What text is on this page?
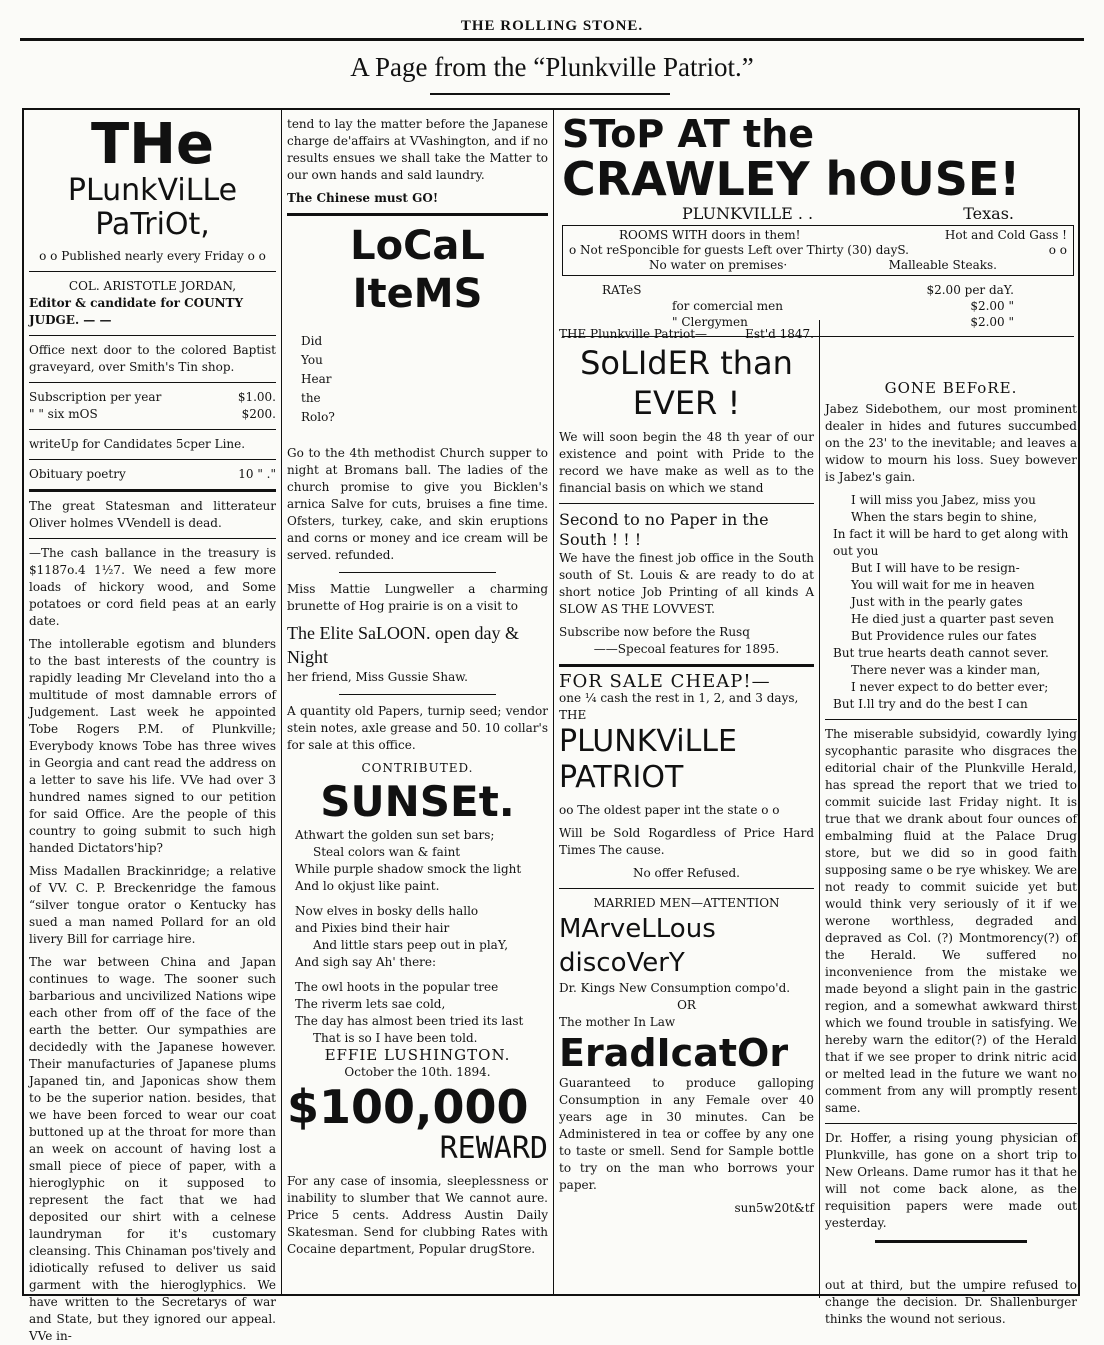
THE ROLLING STONE.
A Page from the “Plunkville Patriot.”
THe
PLunkViLLe PaTriOt,
o o Published nearly every Friday o o
COL. ARISTOTLE JORDAN,
Editor & candidate for COUNTY JUDGE. — —

Office next door to the colored Baptist graveyard, over Smith's Tin shop.

Subscription per year	$1.00.
" " six mOS	$200.
writeUp for Candidates 5cper Line.
Obituary poetry	10 " ."

The great Statesman and litterateur Oliver holmes VVendell is dead.

—The cash ballance in the treasury is $1187o.4 1½7. We need a few more loads of hickory wood, and Some potatoes or cord field peas at an early date.

The intollerable egotism and blunders to the bast interests of the country is rapidly leading Mr Cleveland into tho a multitude of most damnable errors of Judgement. Last week he appointed Tobe Rogers P.M. of Plunkville; Everybody knows Tobe has three wives in Georgia and cant read the address on a letter to save his life. VVe had over 3 hundred names signed to our petition for said Office. Are the people of this country to going submit to such high handed Dictators'hip?

Miss Madallen Brackinridge; a relative of VV. C. P. Breckenridge the famous “silver tongue orator o Kentucky has sued a man named Pollard for an old livery Bill for carriage hire.

The war between China and Japan continues to wage. The sooner such barbarious and uncivilized Nations wipe each other from off of the face of the earth the better. Our sympathies are decidedly with the Japanese however. Their manufacturies of Japanese plums Japaned tin, and Japonicas show them to be the superior nation. besides, that we have been forced to wear our coat buttoned up at the throat for more than an week on account of having lost a small piece of piece of paper, with a hieroglyphic on it supposed to represent the fact that we had deposited our shirt with a celnese laundryman for it's customary cleansing. This Chinaman pos'tively and idiotically refused to deliver us said garment with the hieroglyphics. We have written to the Secretarys of war and State, but they ignored our appeal. VVe in-

tend to lay the matter before the Japanese charge de'affairs at VVashington, and if no results ensues we shall take the Matter to our own hands and sald laundry.

The Chinese must GO!
LoCaL IteMS
Did
You
Hear
the
Rolo?

Go to the 4th methodist Church supper to night at Bromans ball. The ladies of the church promise to give you Bicklen's arnica Salve for cuts, bruises a fine time. Ofsters, turkey, cake, and skin eruptions and corns or money and ice cream will be served. refunded.

Miss Mattie Lungweller a charming brunette of Hog prairie is on a visit to

The Elite SaLOON. open day & Night

her friend, Miss Gussie Shaw.

A quantity old Papers, turnip seed; vendor stein notes, axle grease and 50. 10 collar's for sale at this office.

CONTRIBUTED.
SUNSEt.
Athwart the golden sun set bars;
Steal colors wan & faint
While purple shadow smock the light
And lo okjust like paint.
Now elves in bosky dells hallo
and Pixies bind their hair
And little stars peep out in plaY,
And sigh say Ah' there:
The owl hoots in the popular tree
The riverm lets sae cold,
The day has almost been tried its last
That is so I have been told.
EFFIE LUSHINGTON.
October the 10th. 1894.
$100,000
REWARD

For any case of insomia, sleeplessness or inability to slumber that We cannot aure. Price 5 cents. Address Austin Daily Skatesman. Send for clubbing Rates with Cocaine department, Popular drugStore.

SToP AT the
CRAWLEY hOUSE!
PLUNKVILLE . .	Texas.
ROOMS WITH doors in them!	Hot and Cold Gass !
o Not reSponcible for guests Left over Thirty (30) dayS.	o o
No water on premises·	Malleable Steaks.
RATeS	$2.00 per daY.
for comercial men	$2.00 "
" Clergymen	$2.00 "
THE Plunkville Patriot—	Est'd 1847.
SoLIdER than EVER !

We will soon begin the 48 th year of our existence and point with Pride to the record we have make as well as to the financial basis on which we stand

Second to no Paper in the South ! ! !

We have the finest job office in the South south of St. Louis & are ready to do at short notice Job Printing of all kinds A SLOW AS THE LOVVEST.

Subscribe now before the Rusq
——Specoal features for 1895.
FOR SALE CHEAP!—
one ¼ cash the rest in 1, 2, and 3 days,
THE
PLUNKViLLE PATRIOT
oo The oldest paper int the state o o

Will be Sold Rogardless of Price Hard Times The cause.

No offer Refused.
MARRIED MEN—ATTENTION
MArveLLous discoVerY
Dr. Kings New Consumption compo'd.
OR
The mother In Law
EradIcatOr

Guaranteed to produce galloping Consumption in any Female over 40 years age in 30 minutes. Can be Administered in tea or coffee by any one to taste or smell. Send for Sample bottle to try on the man who borrows your paper.

sun5w20t&tf
GONE BEFoRE.

Jabez Sidebothem, our most prominent dealer in hides and futures succumbed on the 23' to the inevitable; and leaves a widow to mourn his loss. Suey bowever is Jabez's gain.

I will miss you Jabez, miss you
When the stars begin to shine,
In fact it will be hard to get along with out you
But I will have to be resign-
You will wait for me in heaven
Just with in the pearly gates
He died just a quarter past seven
But Providence rules our fates
But true hearts death cannot sever.
There never was a kinder man,
I never expect to do better ever;
But I.ll try and do the best I can

The miserable subsidyid, cowardly lying sycophantic parasite who disgraces the editorial chair of the Plunkville Herald, has spread the report that we tried to commit suicide last Friday night. It is true that we drank about four ounces of embalming fluid at the Palace Drug store, but we did so in good faith supposing same o be rye whiskey. We are not ready to commit suicide yet but would think very seriously of it if we werone worthless, degraded and depraved as Col. (?) Montmorency(?) of the Herald. We suffered no inconvenience from the mistake we made beyond a slight pain in the gastric region, and a somewhat awkward thirst which we found trouble in satisfying. We hereby warn the editor(?) of the Herald that if we see proper to drink nitric acid or melted lead in the future we want no comment from any will promptly resent same.

Dr. Hoffer, a rising young physician of Plunkville, has gone on a short trip to New Orleans. Dame rumor has it that he will not come back alone, as the requisition papers were made out yesterday.

out at third, but the umpire refused to change the decision. Dr. Shallenburger thinks the wound not serious.
